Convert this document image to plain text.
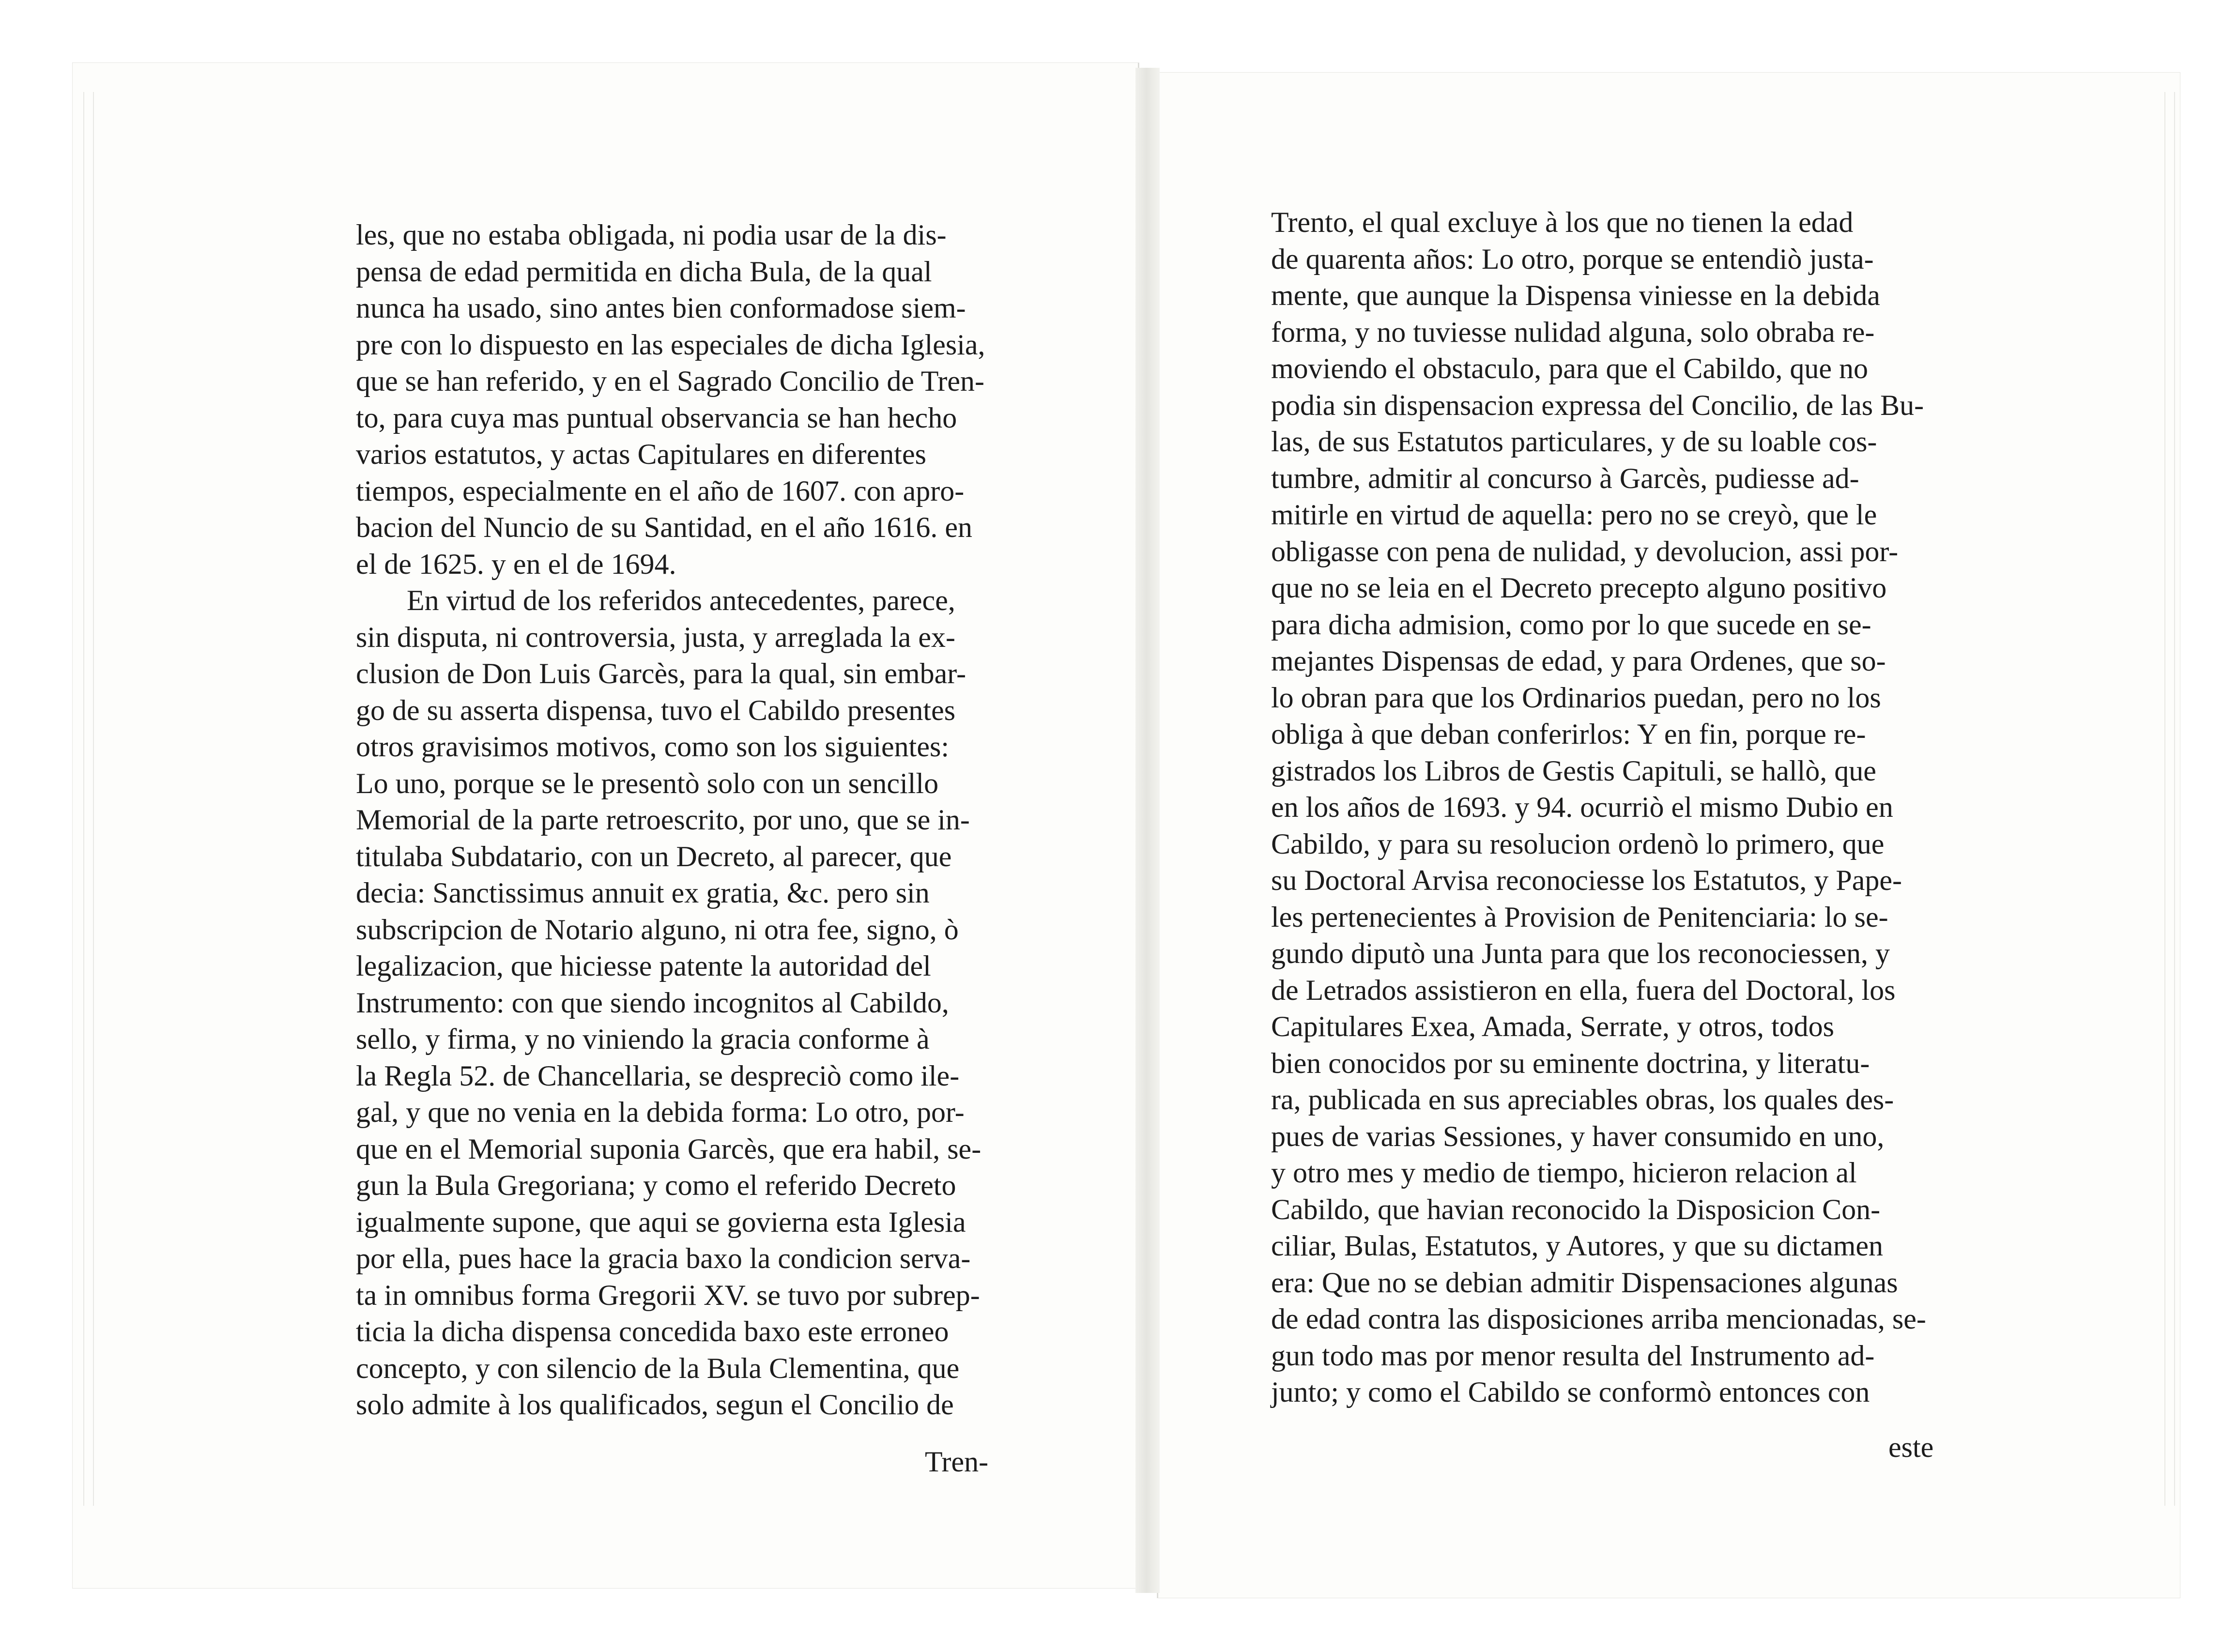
les, que no estaba obligada, ni podia usar de la dis-
pensa de edad permitida en dicha Bula, de la qual
nunca ha usado, sino antes bien conformadose siem-
pre con lo dispuesto en las especiales de dicha Iglesia,
que se han referido, y en el Sagrado Concilio de Tren-
to, para cuya mas puntual observancia se han hecho
varios estatutos, y actas Capitulares en diferentes
tiempos, especialmente en el año de 1607. con apro-
bacion del Nuncio de su Santidad, en el año 1616. en
el de 1625. y en el de 1694.
En virtud de los referidos antecedentes, parece,
sin disputa, ni controversia, justa, y arreglada la ex-
clusion de Don Luis Garcès, para la qual, sin embar-
go de su asserta dispensa, tuvo el Cabildo presentes
otros gravisimos motivos, como son los siguientes:
Lo uno, porque se le presentò solo con un sencillo
Memorial de la parte retroescrito, por uno, que se in-
titulaba Subdatario, con un Decreto, al parecer, que
decia: Sanctissimus annuit ex gratia, &c. pero sin
subscripcion de Notario alguno, ni otra fee, signo, ò
legalizacion, que hiciesse patente la autoridad del
Instrumento: con que siendo incognitos al Cabildo,
sello, y firma, y no viniendo la gracia conforme à
la Regla 52. de Chancellaria, se despreciò como ile-
gal, y que no venia en la debida forma: Lo otro, por-
que en el Memorial suponia Garcès, que era habil, se-
gun la Bula Gregoriana; y como el referido Decreto
igualmente supone, que aqui se govierna esta Iglesia
por ella, pues hace la gracia baxo la condicion serva-
ta in omnibus forma Gregorii XV. se tuvo por subrep-
ticia la dicha dispensa concedida baxo este erroneo
concepto, y con silencio de la Bula Clementina, que
solo admite à los qualificados, segun el Concilio de
Tren-
Trento, el qual excluye à los que no tienen la edad
de quarenta años: Lo otro, porque se entendiò justa-
mente, que aunque la Dispensa viniesse en la debida
forma, y no tuviesse nulidad alguna, solo obraba re-
moviendo el obstaculo, para que el Cabildo, que no
podia sin dispensacion expressa del Concilio, de las Bu-
las, de sus Estatutos particulares, y de su loable cos-
tumbre, admitir al concurso à Garcès, pudiesse ad-
mitirle en virtud de aquella: pero no se creyò, que le
obligasse con pena de nulidad, y devolucion, assi por-
que no se leia en el Decreto precepto alguno positivo
para dicha admision, como por lo que sucede en se-
mejantes Dispensas de edad, y para Ordenes, que so-
lo obran para que los Ordinarios puedan, pero no los
obliga à que deban conferirlos: Y en fin, porque re-
gistrados los Libros de Gestis Capituli, se hallò, que
en los años de 1693. y 94. ocurriò el mismo Dubio en
Cabildo, y para su resolucion ordenò lo primero, que
su Doctoral Arvisa reconociesse los Estatutos, y Pape-
les pertenecientes à Provision de Penitenciaria: lo se-
gundo diputò una Junta para que los reconociessen, y
de Letrados assistieron en ella, fuera del Doctoral, los
Capitulares Exea, Amada, Serrate, y otros, todos
bien conocidos por su eminente doctrina, y literatu-
ra, publicada en sus apreciables obras, los quales des-
pues de varias Sessiones, y haver consumido en uno,
y otro mes y medio de tiempo, hicieron relacion al
Cabildo, que havian reconocido la Disposicion Con-
ciliar, Bulas, Estatutos, y Autores, y que su dictamen
era: Que no se debian admitir Dispensaciones algunas
de edad contra las disposiciones arriba mencionadas, se-
gun todo mas por menor resulta del Instrumento ad-
junto; y como el Cabildo se conformò entonces con
este
